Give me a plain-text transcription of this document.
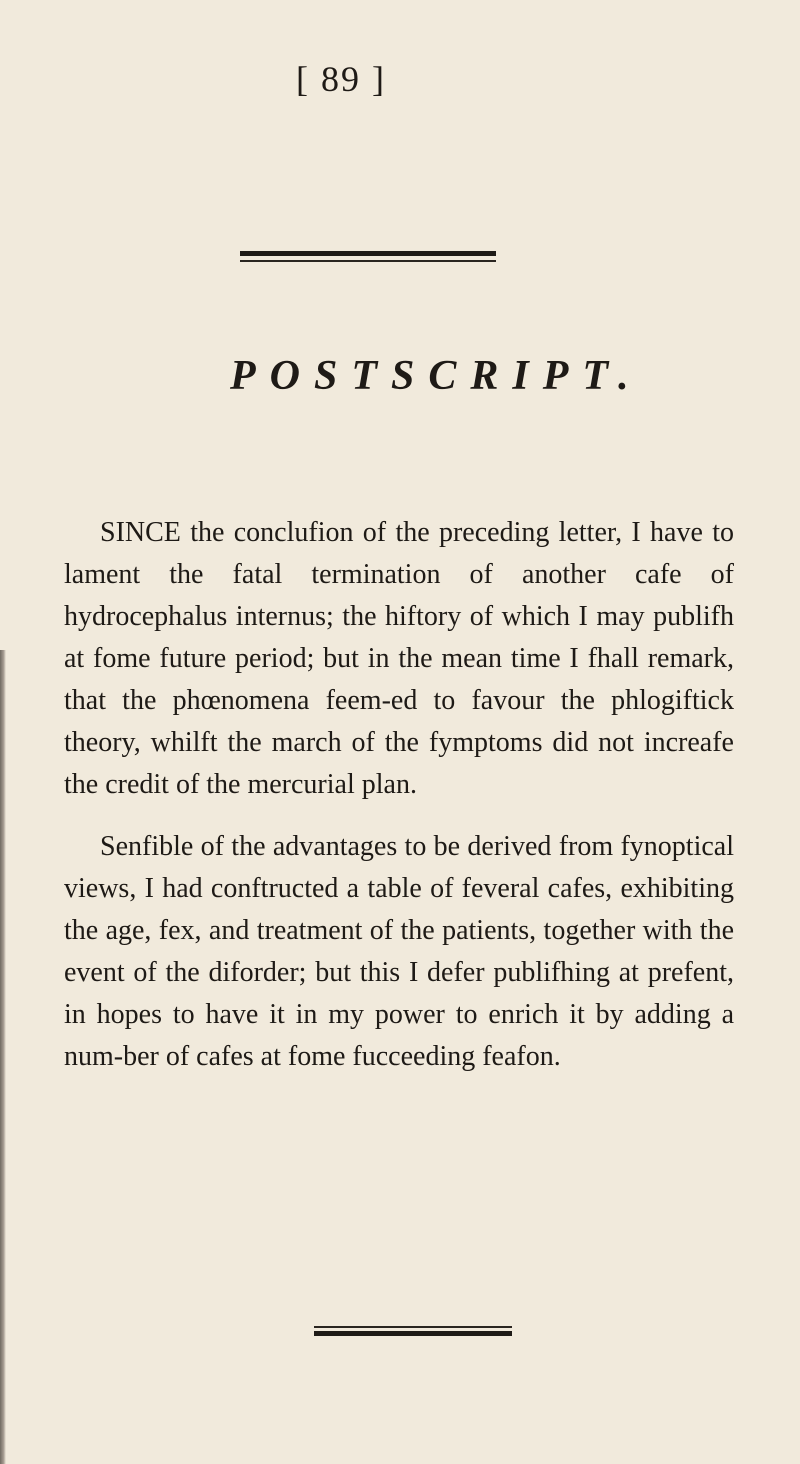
[ 89 ]
POSTSCRIPT.

SINCE the conclufion of the preceding letter, I have to lament the fatal termination of another cafe of hydrocephalus internus; the hiftory of which I may publifh at fome future period; but in the mean time I fhall remark, that the phœnomena feem-ed to favour the phlogiftick theory, whilft the march of the fymptoms did not increafe the credit of the mercurial plan.

Senfible of the advantages to be derived from fynoptical views, I had conftructed a table of feveral cafes, exhibiting the age, fex, and treatment of the patients, together with the event of the diforder; but this I defer publifhing at prefent, in hopes to have it in my power to enrich it by adding a num-ber of cafes at fome fucceeding feafon.
